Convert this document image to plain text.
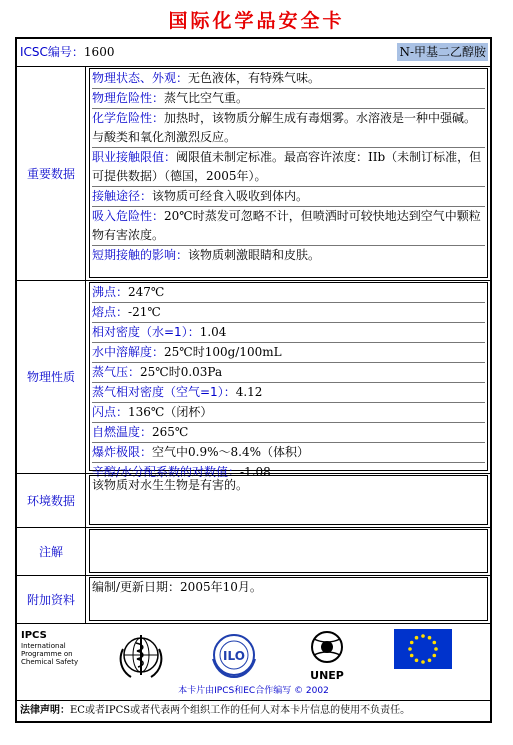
国际化学品安全卡
ICSC编号：1600	N-甲基二乙醇胺
重要数据
物理状态、外观：无色液体，有特殊气味。
物理危险性：蒸气比空气重。
化学危险性：加热时，该物质分解生成有毒烟雾。水溶液是一种中强碱。与酸类和氧化剂激烈反应。
职业接触限值：阈限值未制定标准。最高容许浓度：IIb（未制订标准，但可提供数据）（德国，2005年）。
接触途径：该物质可经食入吸收到体内。
吸入危险性：20℃时蒸发可忽略不计，但喷洒时可较快地达到空气中颗粒物有害浓度。
短期接触的影响：该物质刺激眼睛和皮肤。
物理性质
沸点：247℃
熔点：-21℃
相对密度（水=1）：1.04
水中溶解度：25℃时100g/100mL
蒸气压：25℃时0.03Pa
蒸气相对密度（空气=1）：4.12
闪点：136℃（闭杯）
自燃温度：265℃
爆炸极限：空气中0.9%～8.4%（体积）
辛醇/水分配系数的对数值：-1.08
环境数据
该物质对水生生物是有害的。
注解
附加资料
编制/更新日期：2005年10月。
IPCS
International
Programme on
Chemical Safety	ILO
UNEP
本卡片由IPCS和EC合作编写 © 2002
法律声明：EC或者IPCS或者代表两个组织工作的任何人对本卡片信息的使用不负责任。
